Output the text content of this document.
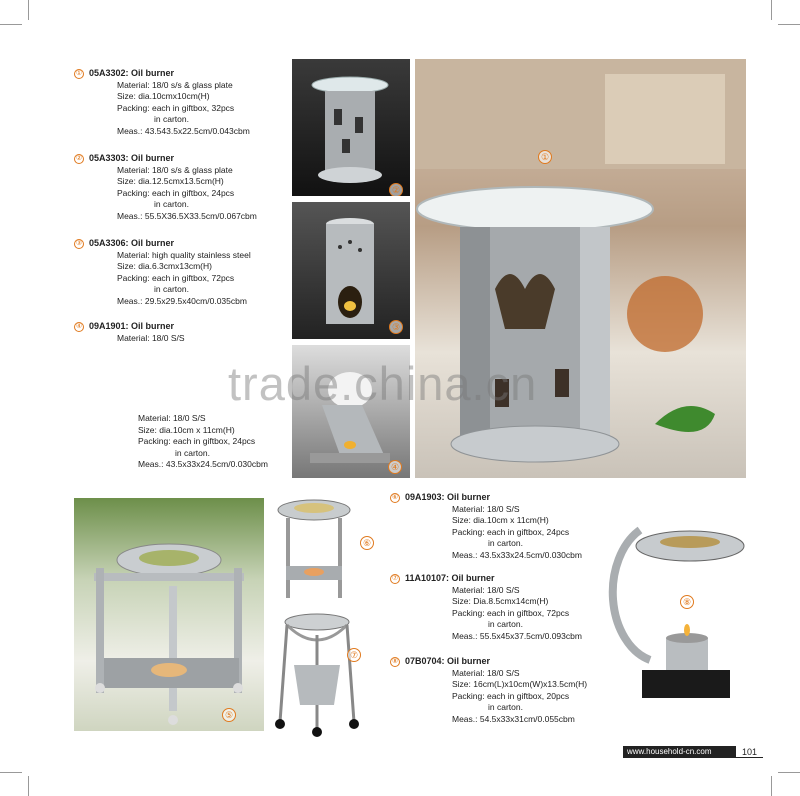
① 05A3302: Oil burner
Material: 18/0 s/s & glass plate
Size: dia.10cmx10cm(H)
Packing: each in giftbox, 32pcs
in carton.
Meas.: 43.543.5x22.5cm/0.043cbm
② 05A3303: Oil burner
Material: 18/0 s/s & glass plate
Size: dia.12.5cmx13.5cm(H)
Packing: each in giftbox, 24pcs
in carton.
Meas.: 55.5X36.5X33.5cm/0.067cbm
③ 05A3306: Oil burner
Material: high quality stainless steel
Size: dia.6.3cmx13cm(H)
Packing: each in giftbox, 72pcs
in carton.
Meas.: 29.5x29.5x40cm/0.035cbm
④ 09A1901: Oil burner
Material: 18/0 S/S
Material: 18/0 S/S
Size: dia.10cm x 11cm(H)
Packing: each in giftbox, 24pcs
in carton.
Meas.: 43.5x33x24.5cm/0.030cbm
⑥ 09A1903: Oil burner
Material: 18/0 S/S
Size: dia.10cm x 11cm(H)
Packing: each in giftbox, 24pcs
in carton.
Meas.: 43.5x33x24.5cm/0.030cbm
⑦ 11A10107: Oil burner
Material: 18/0 S/S
Size: Dia.8.5cmx14cm(H)
Packing: each in giftbox, 72pcs
in carton.
Meas.: 55.5x45x37.5cm/0.093cbm
⑧ 07B0704: Oil burner
Material: 18/0 S/S
Size: 16cm(L)x10cm(W)x13.5cm(H)
Packing: each in giftbox, 20pcs
in carton.
Meas.: 54.5x33x31cm/0.055cbm
②
③
④
①
trade.china.cn
⑤
⑥
⑦
⑧
www.household-cn.com	101
